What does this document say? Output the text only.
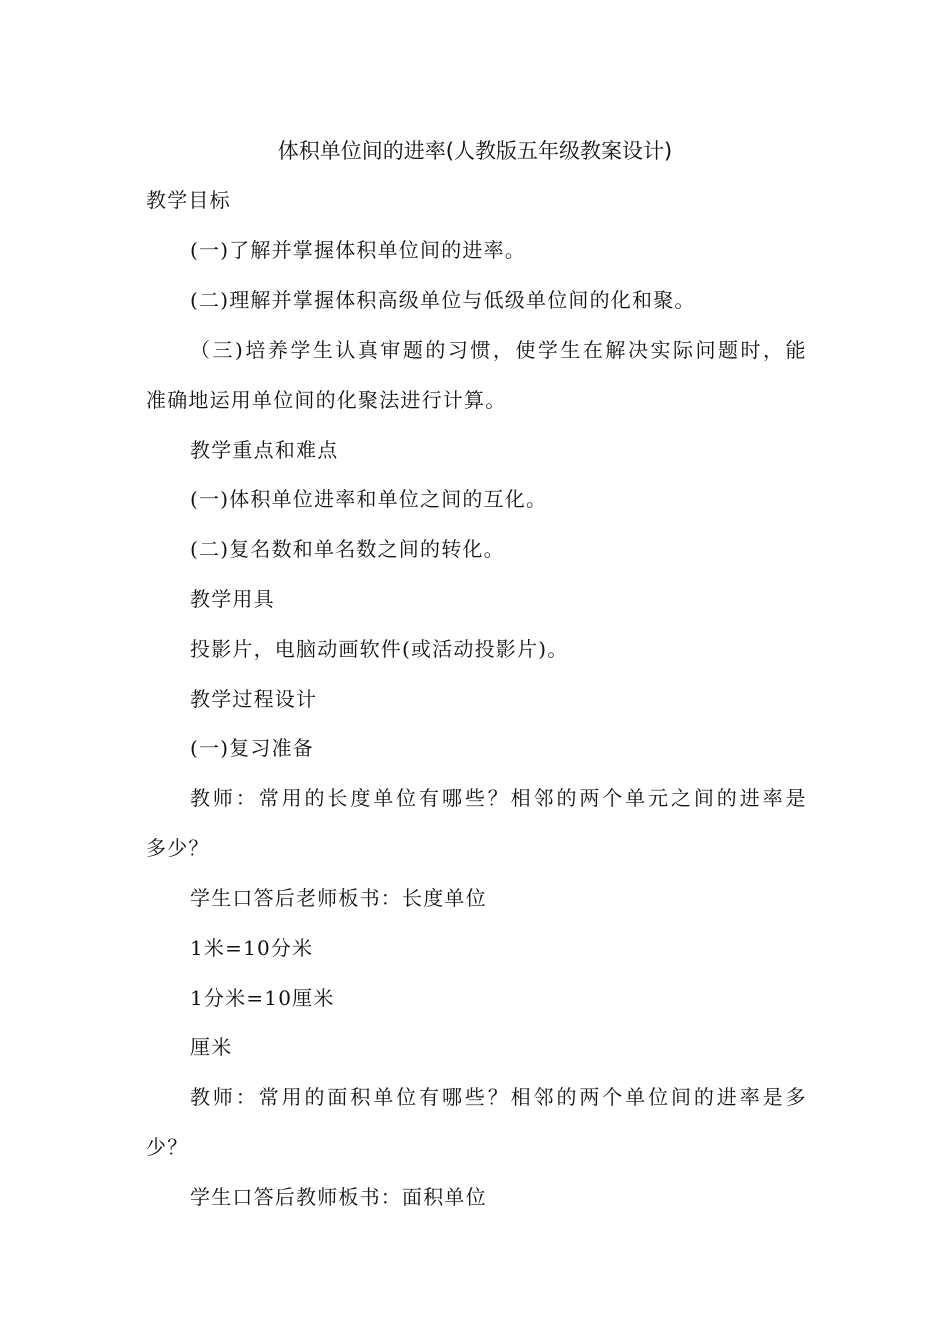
体积单位间的进率(人教版五年级教案设计)
教学目标
(一)了解并掌握体积单位间的进率。
(二)理解并掌握体积高级单位与低级单位间的化和聚。
（三)培养学生认真审题的习惯，使学生在解决实际问题时，能
准确地运用单位间的化聚法进行计算。
教学重点和难点
(一)体积单位进率和单位之间的互化。
(二)复名数和单名数之间的转化。
教学用具
投影片，电脑动画软件(或活动投影片)。
教学过程设计
(一)复习准备
教师：常用的长度单位有哪些？相邻的两个单元之间的进率是
多少？
学生口答后老师板书：长度单位
1米=10分米
1分米=10厘米
厘米
教师：常用的面积单位有哪些？相邻的两个单位间的进率是多
少？
学生口答后教师板书：面积单位
